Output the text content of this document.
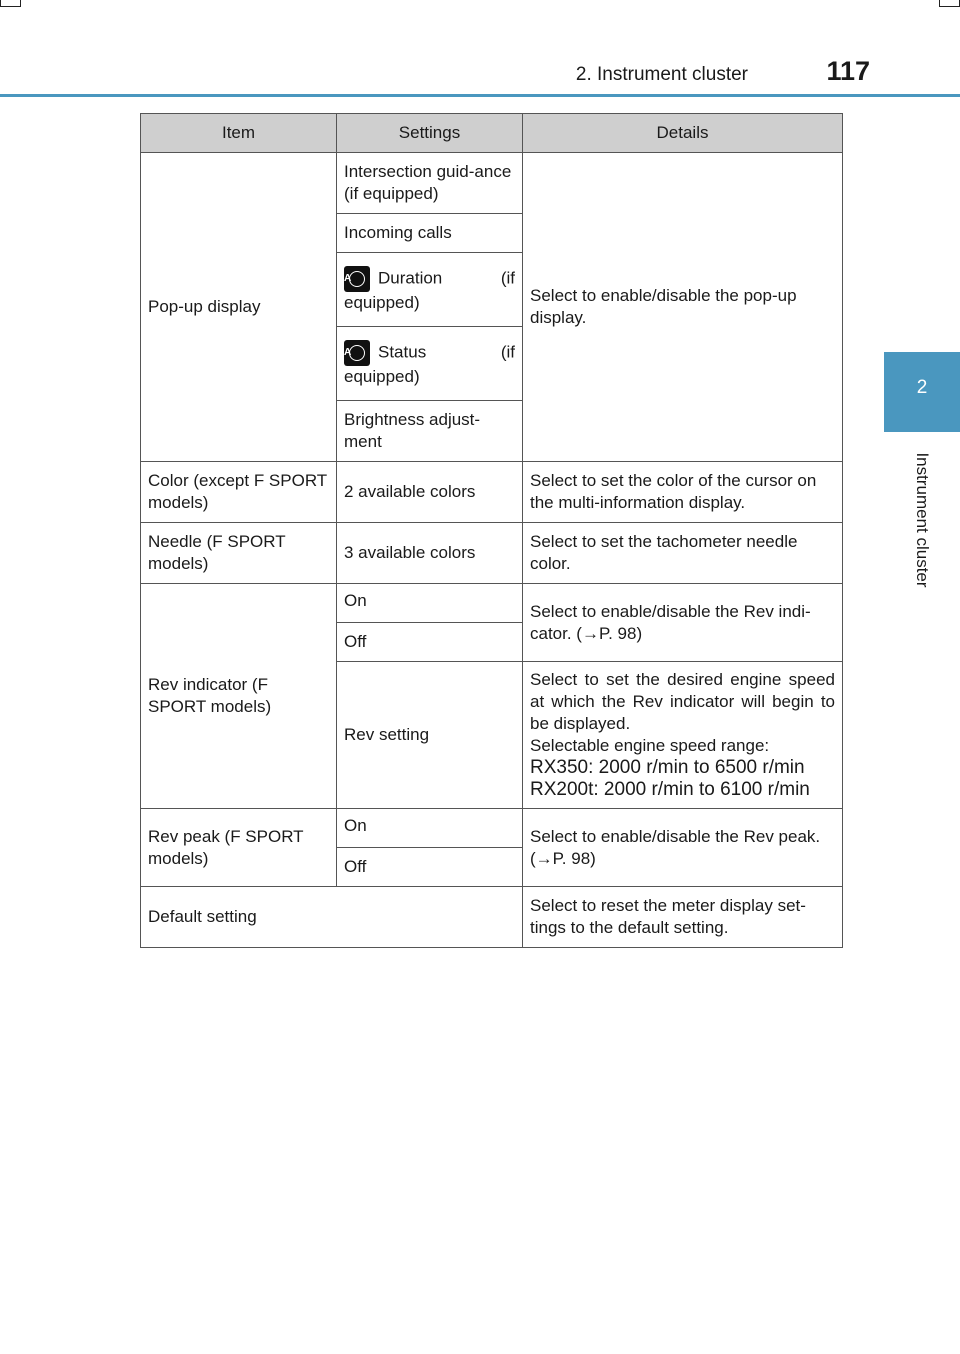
2. Instrument cluster	117
2
Instrument cluster
Item	Settings	Details
Pop-up display	Intersection guid-ance (if equipped)	Select to enable/disable the pop-up display.
	Incoming calls	

	A Duration (if equipped)	

	A Status (if equipped)	
	Brightness adjust-ment	
Color (except F SPORT models)	2 available colors	Select to set the color of the cursor on the multi-information display.
Needle (F SPORT models)	3 available colors	Select to set the tachometer needle color.
Rev indicator (F SPORT models)	On	Select to enable/disable the Rev indi-cator. (→P. 98)
	Off	
	Rev setting	Select to set the desired engine speed at which the Rev indicator will begin to be displayed.
Selectable engine speed range:
RX350: 2000 r/min to 6500 r/min
RX200t: 2000 r/min to 6100 r/min

Rev peak (F SPORT models)	On	Select to enable/disable the Rev peak. (→P. 98)
	Off	
Default setting		Select to reset the meter display set-tings to the default setting.
